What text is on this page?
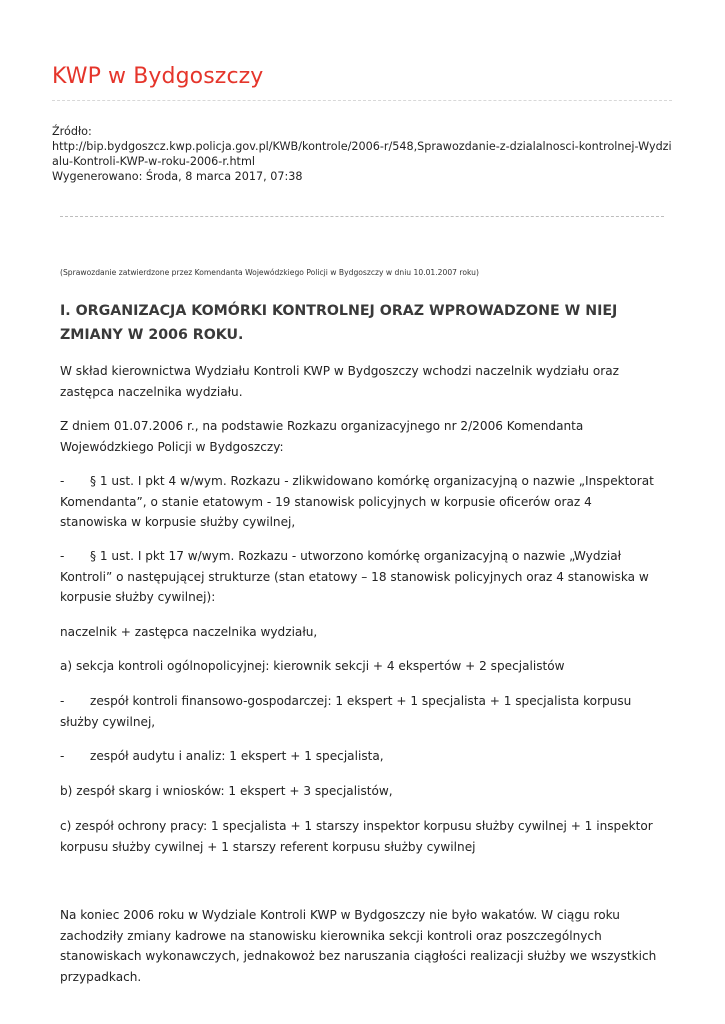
KWP w Bydgoszczy
Źródło:
http://bip.bydgoszcz.kwp.policja.gov.pl/KWB/kontrole/2006-r/548,Sprawozdanie-z-dzialalnosci-kontrolnej-Wydzialu-Kontroli-KWP-w-roku-2006-r.html
Wygenerowano: Środa, 8 marca 2017, 07:38
(Sprawozdanie zatwierdzone przez Komendanta Wojewódzkiego Policji w Bydgoszczy w dniu 10.01.2007 roku)
I. ORGANIZACJA KOMÓRKI KONTROLNEJ ORAZ WPROWADZONE W NIEJ ZMIANY W 2006 ROKU.

W skład kierownictwa Wydziału Kontroli KWP w Bydgoszczy wchodzi naczelnik wydziału oraz zastępca naczelnika wydziału.

Z dniem 01.07.2006 r., na podstawie Rozkazu organizacyjnego nr 2/2006 Komendanta Wojewódzkiego Policji w Bydgoszczy:

- § 1 ust. I pkt 4 w/wym. Rozkazu - zlikwidowano komórkę organizacyjną o nazwie „Inspektorat Komendanta”, o stanie etatowym - 19 stanowisk policyjnych w korpusie oficerów oraz 4 stanowiska w korpusie służby cywilnej,

- § 1 ust. I pkt 17 w/wym. Rozkazu - utworzono komórkę organizacyjną o nazwie „Wydział Kontroli” o następującej strukturze (stan etatowy – 18 stanowisk policyjnych oraz 4 stanowiska w korpusie służby cywilnej):

naczelnik + zastępca naczelnika wydziału,

a) sekcja kontroli ogólnopolicyjnej: kierownik sekcji + 4 ekspertów + 2 specjalistów

- zespół kontroli finansowo-gospodarczej: 1 ekspert + 1 specjalista + 1 specjalista korpusu służby cywilnej,

- zespół audytu i analiz: 1 ekspert + 1 specjalista,

b) zespół skarg i wniosków: 1 ekspert + 3 specjalistów,

c) zespół ochrony pracy: 1 specjalista + 1 starszy inspektor korpusu służby cywilnej + 1 inspektor korpusu służby cywilnej + 1 starszy referent korpusu służby cywilnej

Na koniec 2006 roku w Wydziale Kontroli KWP w Bydgoszczy nie było wakatów. W ciągu roku zachodziły zmiany kadrowe na stanowisku kierownika sekcji kontroli oraz poszczególnych stanowiskach wykonawczych, jednakowoż bez naruszania ciągłości realizacji służby we wszystkich przypadkach.
